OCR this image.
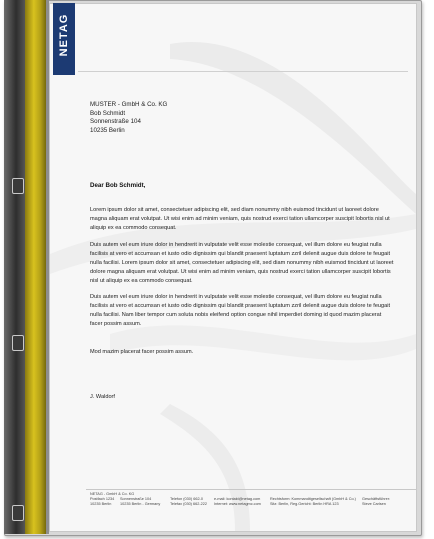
NETAG
MUSTER - GmbH & Co. KG
Bob Schmidt
Sonnenstraße 104
10235 Berlin
Dear Bob Schmidt,
Lorem ipsum dolor sit amet, consectetuer adipiscing elit, sed diam nonummy nibh euismod tincidunt ut laoreet dolore magna aliquam erat volutpat. Ut wisi enim ad minim veniam, quis nostrud exerci tation ullamcorper suscipit lobortis nisl ut aliquip ex ea commodo consequat.
Duis autem vel eum iriure dolor in hendrerit in vulputate velit esse molestie consequat, vel illum dolore eu feugiat nulla facilisis at vero et accumsan et iusto odio dignissim qui blandit praesent luptatum zzril delenit augue duis dolore te feugait nulla facilisi. Lorem ipsum dolor sit amet, consectetuer adipiscing elit, sed diam nonummy nibh euismod tincidunt ut laoreet dolore magna aliquam erat volutpat. Ut wisi enim ad minim veniam, quis nostrud exerci tation ullamcorper suscipit lobortis nisl ut aliquip ex ea commodo consequat.
Duis autem vel eum iriure dolor in hendrerit in vulputate velit esse molestie consequat, vel illum dolore eu feugiat nulla facilisis at vero et accumsan et iusto odio dignissim qui blandit praesent luptatum zzril delenit augue duis dolore te feugait nulla facilisi. Nam liber tempor cum soluta nobis eleifend option congue nihil imperdiet doming id quod mazim placerat facer possim assum.
Mod mazim placerat facer possim assum.
J. Waldorf
NETAG - GmbH & Co. KG
Postfach 1234
10235 Berlin
Sonnenstraße 104
10235 Berlin - Germany
Telefon (030) 662-0
Telefax (030) 662-222
e-mail: kontakt@netag.com
Internet: www.netagmc.com
Rechtsform: Kommanditgesellschaft (GmbH & Co.)
Sitz: Berlin, Reg.Gericht: Berlin HRA 123
Geschäftsführer:
Steve Carlsen
